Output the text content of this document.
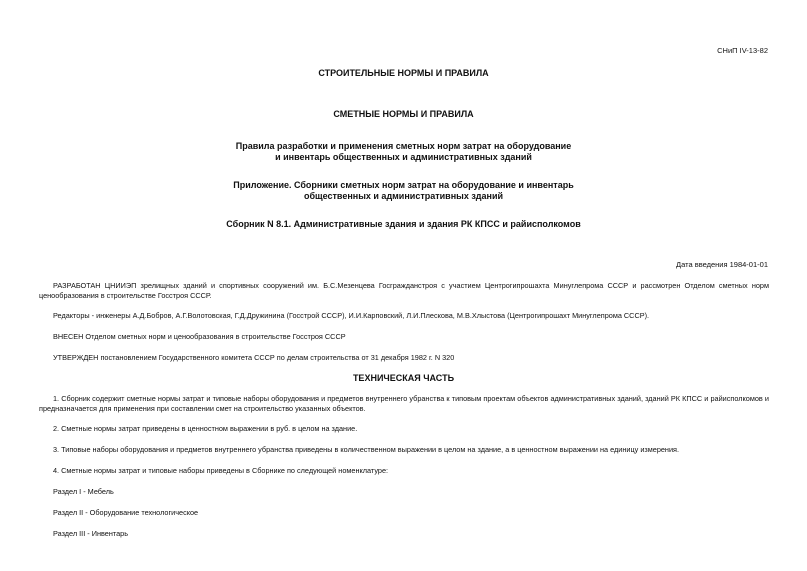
СНиП IV-13-82
СТРОИТЕЛЬНЫЕ НОРМЫ И ПРАВИЛА
СМЕТНЫЕ НОРМЫ И ПРАВИЛА
Правила разработки и применения сметных норм затрат на оборудование
и инвентарь общественных и административных зданий
Приложение. Сборники сметных норм затрат на оборудование и инвентарь
общественных и административных зданий
Сборник N 8.1. Административные здания и здания РК КПСС и райисполкомов
Дата введения 1984-01-01

РАЗРАБОТАН ЦНИИЭП зрелищных зданий и спортивных сооружений им. Б.С.Мезенцева Госгражданстроя с участием Центрогипрошахта Минуглепрома СССР и рассмотрен Отделом сметных норм ценообразования в строительстве Госстроя СССР.

Редакторы - инженеры А.Д.Бобров, А.Г.Волотовская, Г.Д.Дружинина (Госстрой СССР), И.И.Карповский, Л.И.Плескова, М.В.Хлыстова (Центрогипрошахт Минуглепрома СССР).

ВНЕСЕН Отделом сметных норм и ценообразования в строительстве Госстроя СССР

УТВЕРЖДЕН постановлением Государственного комитета СССР по делам строительства от 31 декабря 1982 г. N 320

ТЕХНИЧЕСКАЯ ЧАСТЬ

1. Сборник содержит сметные нормы затрат и типовые наборы оборудования и предметов внутреннего убранства к типовым проектам объектов административных зданий, зданий РК КПСС и райисполкомов и предназначается для применения при составлении смет на строительство указанных объектов.

2. Сметные нормы затрат приведены в ценностном выражении в руб. в целом на здание.

3. Типовые наборы оборудования и предметов внутреннего убранства приведены в количественном выражении в целом на здание, а в ценностном выражении на единицу измерения.

4. Сметные нормы затрат и типовые наборы приведены в Сборнике по следующей номенклатуре:

Раздел I - Мебель

Раздел II - Оборудование технологическое

Раздел III - Инвентарь
